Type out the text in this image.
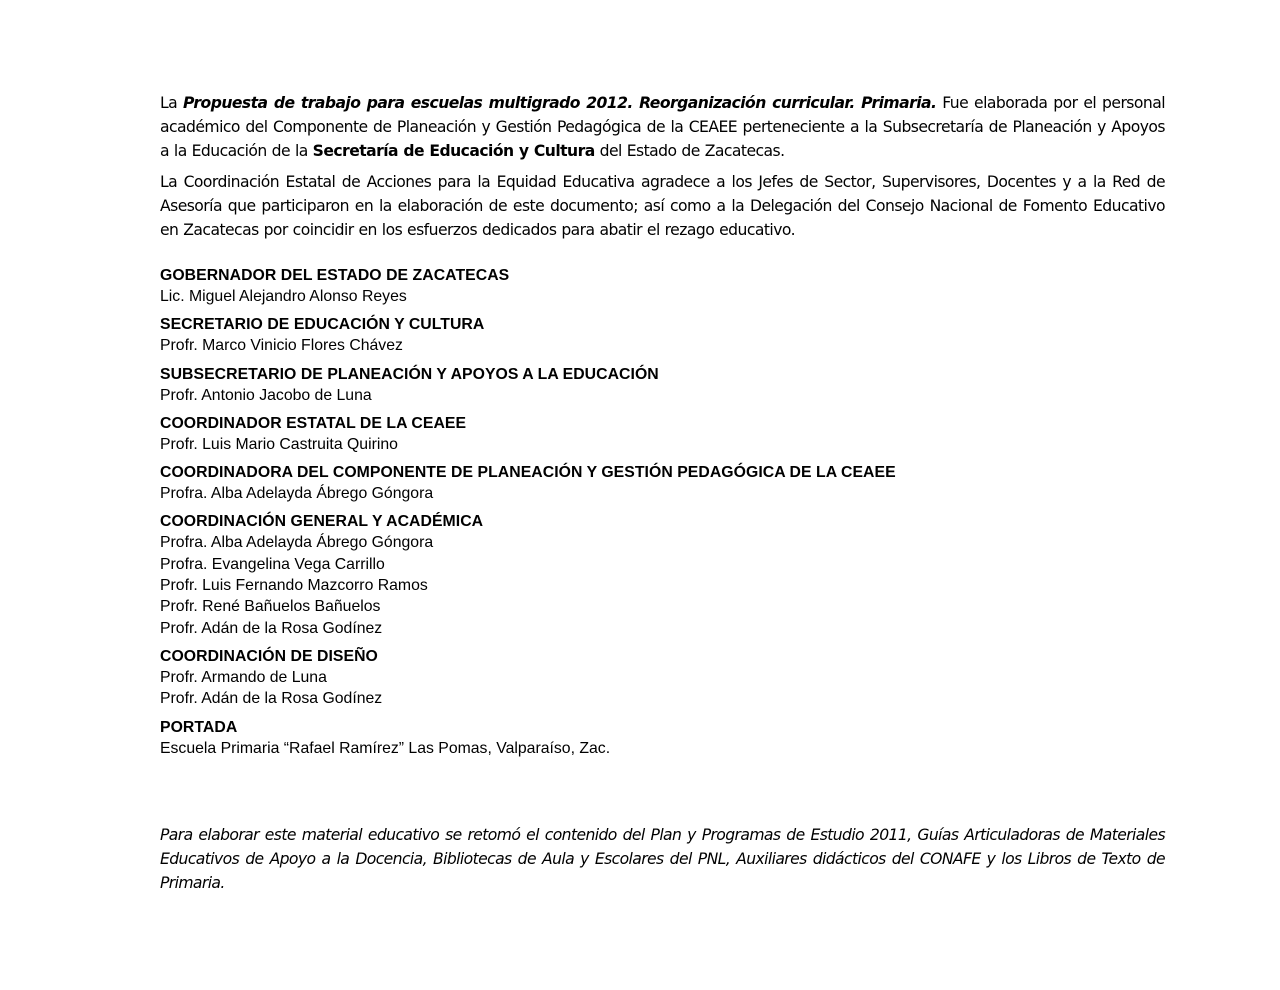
La Propuesta de trabajo para escuelas multigrado 2012. Reorganización curricular. Primaria. Fue elaborada por el personal académico del Componente de Planeación y Gestión Pedagógica de la CEAEE perteneciente a la Subsecretaría de Planeación y Apoyos a la Educación de la Secretaría de Educación y Cultura del Estado de Zacatecas.

La Coordinación Estatal de Acciones para la Equidad Educativa agradece a los Jefes de Sector, Supervisores, Docentes y a la Red de Asesoría que participaron en la elaboración de este documento; así como a la Delegación del Consejo Nacional de Fomento Educativo en Zacatecas por coincidir en los esfuerzos dedicados para abatir el rezago educativo.

GOBERNADOR DEL ESTADO DE ZACATECAS
Lic. Miguel Alejandro Alonso Reyes
SECRETARIO DE EDUCACIÓN Y CULTURA
Profr. Marco Vinicio Flores Chávez
SUBSECRETARIO DE PLANEACIÓN Y APOYOS A LA EDUCACIÓN
Profr. Antonio Jacobo de Luna
COORDINADOR ESTATAL DE LA CEAEE
Profr. Luis Mario Castruita Quirino
COORDINADORA DEL COMPONENTE DE PLANEACIÓN Y GESTIÓN PEDAGÓGICA DE LA CEAEE
Profra. Alba Adelayda Ábrego Góngora
COORDINACIÓN GENERAL Y ACADÉMICA
Profra. Alba Adelayda Ábrego Góngora
Profra. Evangelina Vega Carrillo
Profr. Luis Fernando Mazcorro Ramos
Profr. René Bañuelos Bañuelos
Profr. Adán de la Rosa Godínez
COORDINACIÓN DE DISEÑO
Profr. Armando de Luna
Profr. Adán de la Rosa Godínez
PORTADA
Escuela Primaria “Rafael Ramírez” Las Pomas, Valparaíso, Zac.

Para elaborar este material educativo se retomó el contenido del Plan y Programas de Estudio 2011, Guías Articuladoras de Materiales Educativos de Apoyo a la Docencia, Bibliotecas de Aula y Escolares del PNL, Auxiliares didácticos del CONAFE y los Libros de Texto de Primaria.
